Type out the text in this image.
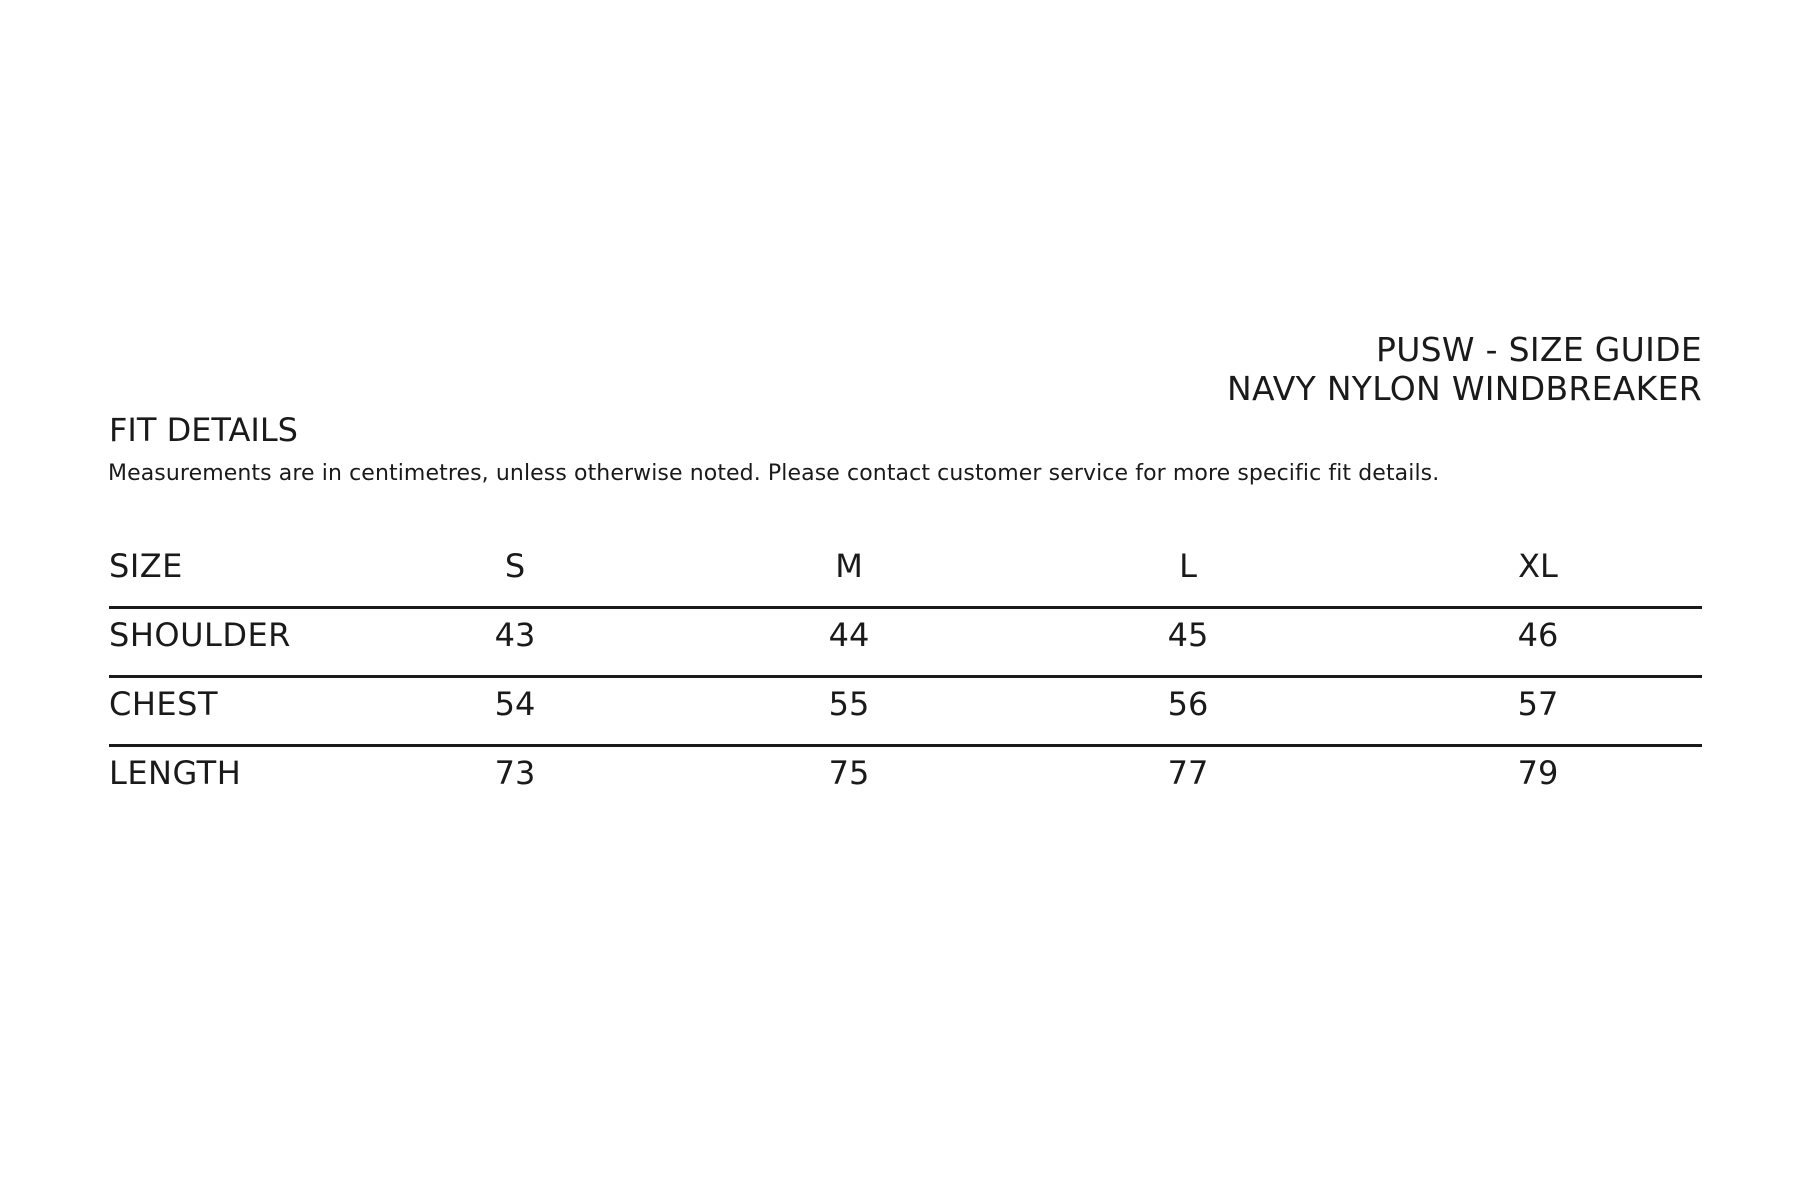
PUSW - SIZE GUIDE
NAVY NYLON WINDBREAKER
FIT DETAILS
Measurements are in centimetres, unless otherwise noted. Please contact customer service for more specific fit details.
SIZE	S	M	L	XL
SHOULDER	43	44	45	46
CHEST	54	55	56	57
LENGTH	73	75	77	79
